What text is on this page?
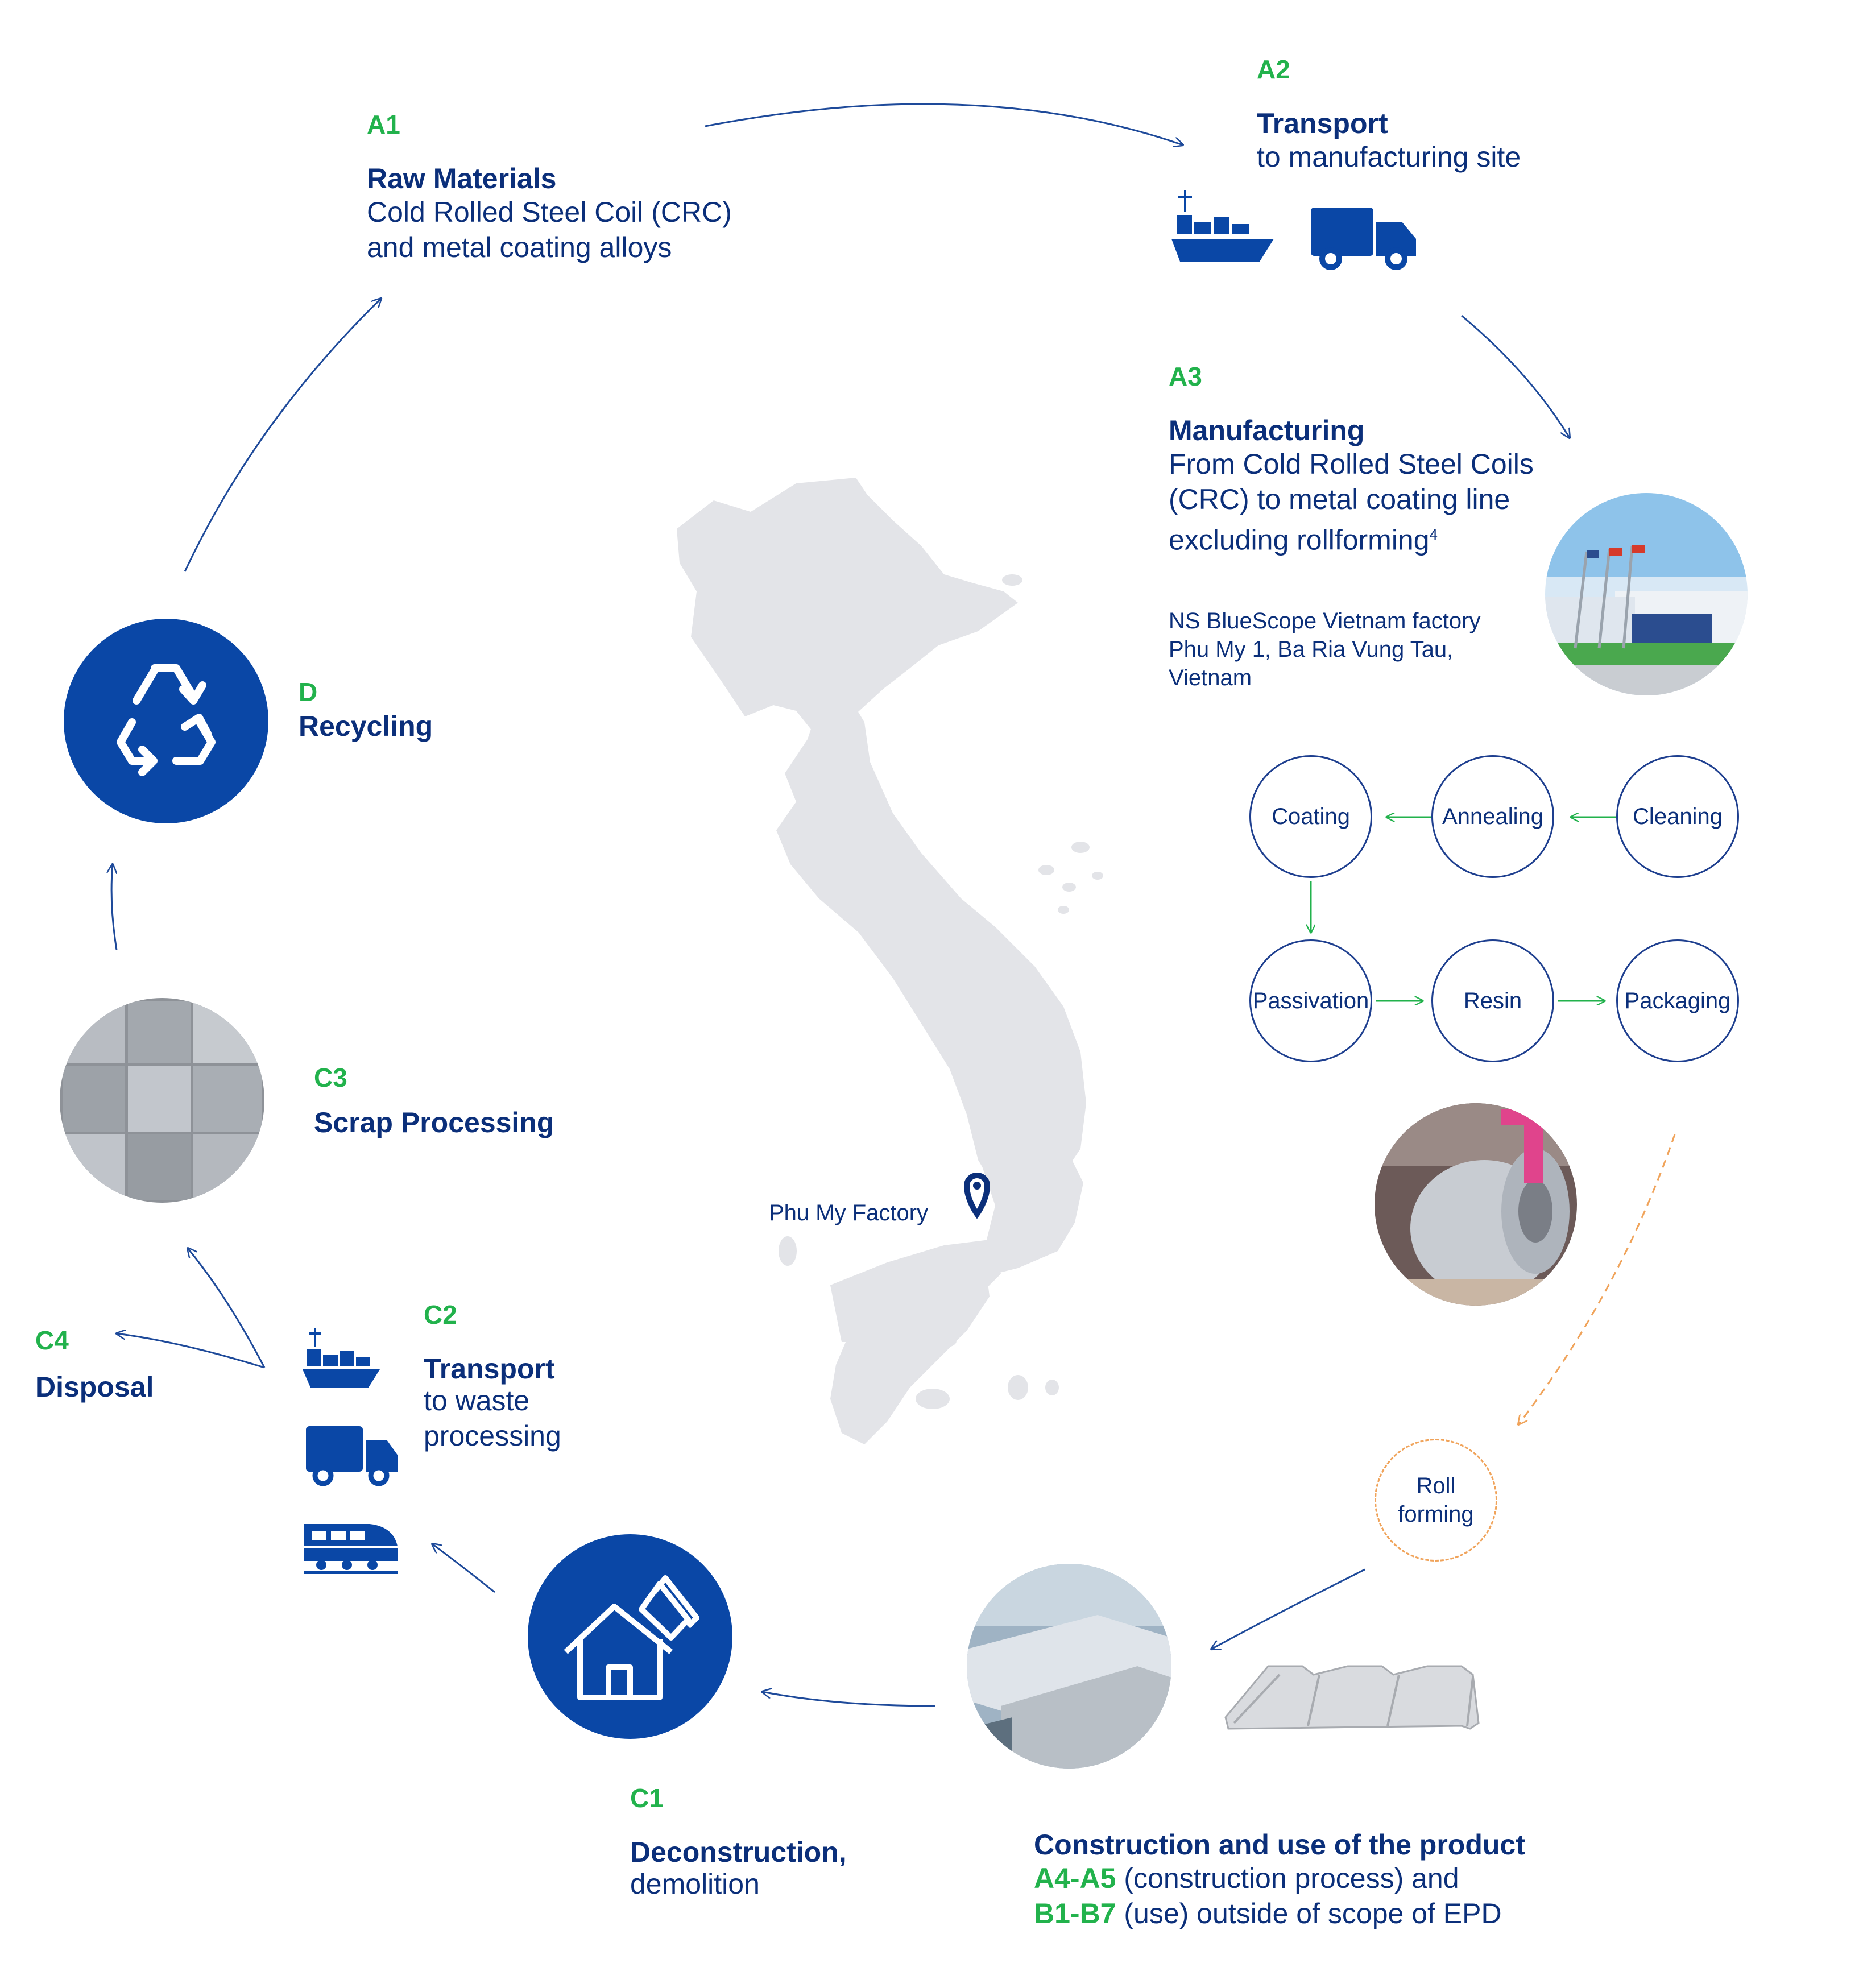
A1
Raw Materials
Cold Rolled Steel Coil (CRC)
and metal coating alloys
A2
Transport
to manufacturing site
A3
Manufacturing
From Cold Rolled Steel Coils
(CRC) to metal coating line
excluding rollforming$^4$
NS BlueScope Vietnam factory
Phu My 1, Ba Ria Vung Tau,
Vietnam
Coating	Annealing	Cleaning
Passivation	Resin	Packaging
Roll
forming
D
Recycling
C3
Scrap Processing
C2
Transport
to waste
processing
C4
Disposal
C1
Deconstruction,
demolition
Construction and use of the product
A4-A5 (construction process) and
B1-B7 (use) outside of scope of EPD
Phu My Factory
